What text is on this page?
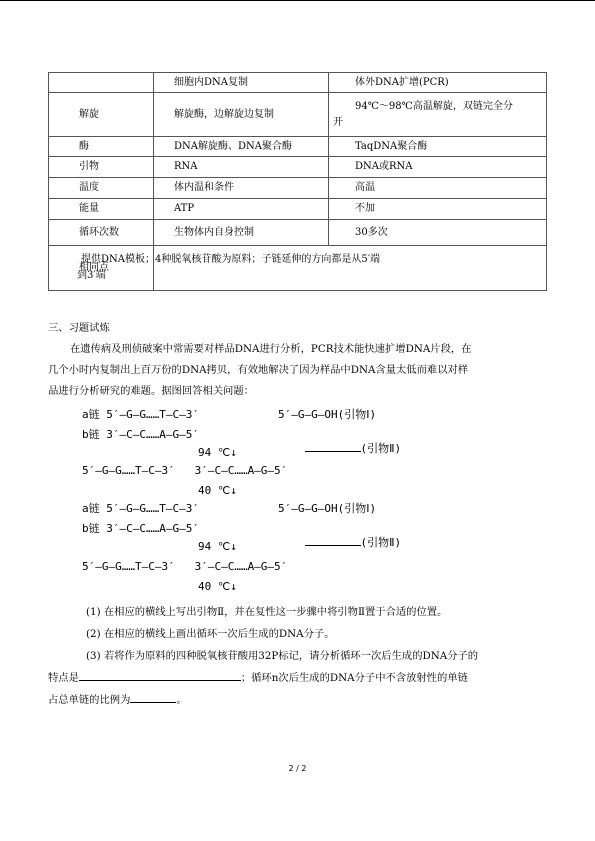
	细胞内DNA复制	体外DNA扩增(PCR)
解旋	解旋酶，边解旋边复制	94℃～98℃高温解旋，双链完全分
开
酶	DNA解旋酶、DNA聚合酶	TaqDNA聚合酶
引物	RNA	DNA或RNA
温度	体内温和条件	高温
能量	ATP	不加
循环次数	生物体内自身控制	30多次
相同点	提供DNA模板；4种脱氧核苷酸为原料；子链延伸的方向都是从5′端
到3′端	
三、习题试炼
在遗传病及刑侦破案中常需要对样品DNA进行分析，PCR技术能快速扩增DNA片段，在
几个小时内复制出上百万份的DNA拷贝，有效地解决了因为样品中DNA含量太低而难以对样
品进行分析研究的难题。据图回答相关问题：
a链 5′—G—G……T—C—3′	5′—G—G—OH(引物Ⅰ)
b链 3′—C—C……A—G—5′

(引物Ⅱ)

94 ℃↓
5′—G—G……T—C—3′   3′—C—C……A—G—5′
40 ℃↓
a链 5′—G—G……T—C—3′	5′—G—G—OH(引物Ⅰ)
b链 3′—C—C……A—G—5′

(引物Ⅱ)

94 ℃↓
5′—G—G……T—C—3′   3′—C—C……A—G—5′
40 ℃↓
(1) 在相应的横线上写出引物Ⅱ，并在复性这一步骤中将引物Ⅱ置于合适的位置。
(2) 在相应的横线上画出循环一次后生成的DNA分子。
(3) 若将作为原料的四种脱氧核苷酸用32P标记，请分析循环一次后生成的DNA分子的
特点是	；循环n次后生成的DNA分子中不含放射性的单链
占总单链的比例为	。
2 / 2
